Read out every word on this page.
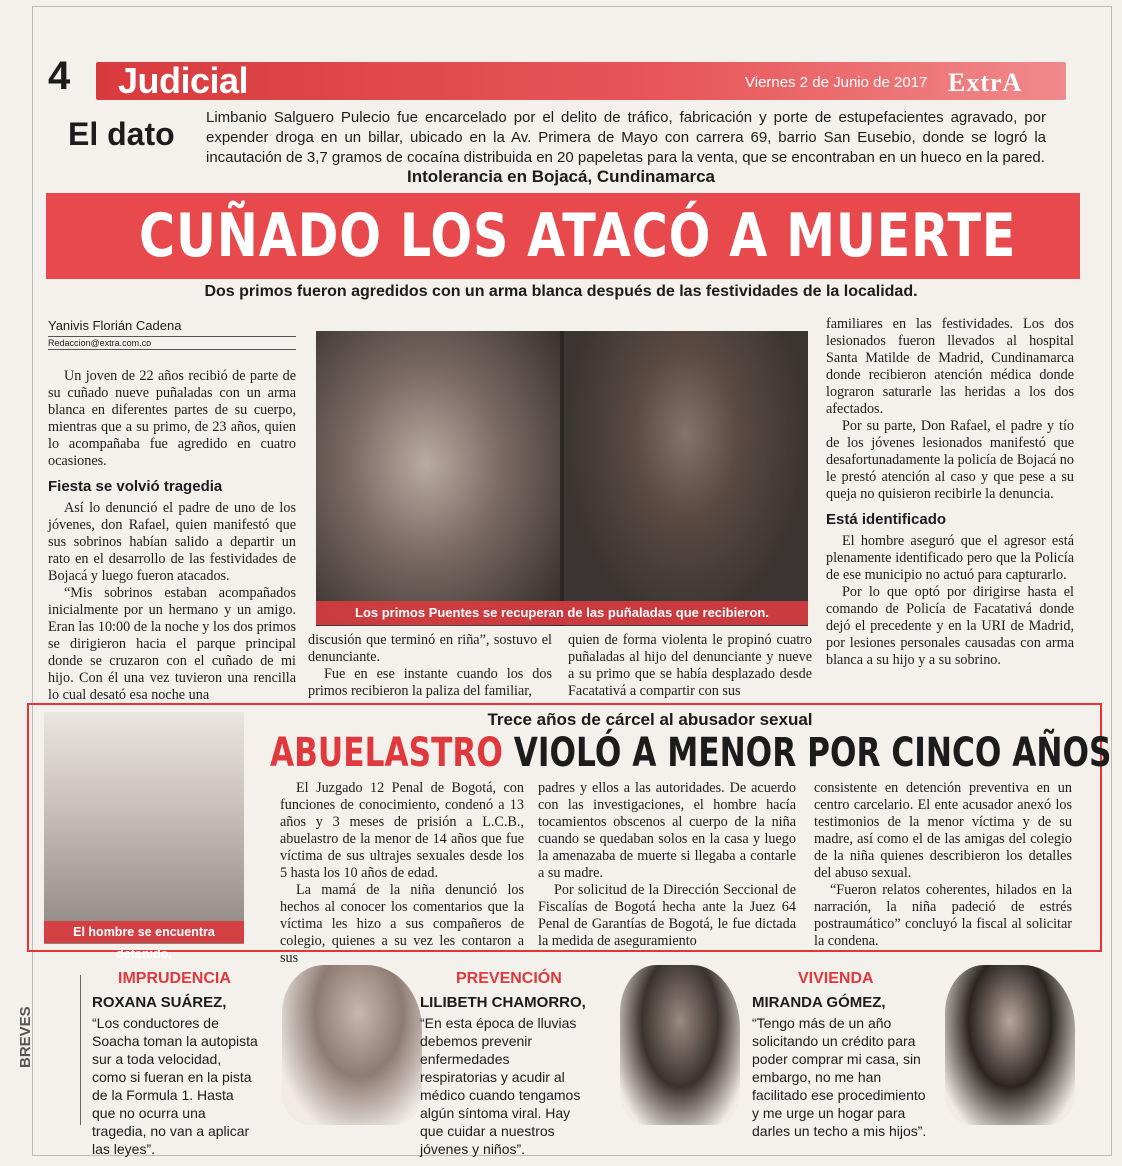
4 Judicial	Viernes 2 de Junio de 2017 ExtrA
El dato Limbanio Salguero Pulecio fue encarcelado por el delito de tráfico, fabricación y porte de estupefacientes agravado, por expender droga en un billar, ubicado en la Av. Primera de Mayo con carrera 69, barrio San Eusebio, donde se logró la incautación de 3,7 gramos de cocaína distribuida en 20 papeletas para la venta, que se encontraban en un hueco en la pared.
Intolerancia en Bojacá, Cundinamarca
CUÑADO LOS ATACÓ A MUERTE
Dos primos fueron agredidos con un arma blanca después de las festividades de la localidad.
Yanivis Florián Cadena
Redaccion@extra.com.co

Un joven de 22 años recibió de parte de su cuñado nueve puñaladas con un arma blanca en diferentes partes de su cuerpo, mientras que a su primo, de 23 años, quien lo acompañaba fue agredido en cuatro ocasiones.

Fiesta se volvió tragedia

Así lo denunció el padre de uno de los jóvenes, don Rafael, quien manifestó que sus sobrinos habían salido a departir un rato en el desarrollo de las festividades de Bojacá y luego fueron atacados.

“Mis sobrinos estaban acompañados inicialmente por un hermano y un amigo. Eran las 10:00 de la noche y los dos primos se dirigieron hacia el parque principal donde se cruzaron con el cuñado de mi hijo. Con él una vez tuvieron una rencilla lo cual desató esa noche una

Los primos Puentes se recuperan de las puñaladas que recibieron.

discusión que terminó en riña”, sostuvo el denunciante.

Fue en ese instante cuando los dos primos recibieron la paliza del familiar,

quien de forma violenta le propinó cuatro puñaladas al hijo del denunciante y nueve a su primo que se había desplazado desde Facatativá a compartir con sus

familiares en las festividades. Los dos lesionados fueron llevados al hospital Santa Matilde de Madrid, Cundinamarca donde recibieron atención médica donde lograron saturarle las heridas a los dos afectados.

Por su parte, Don Rafael, el padre y tío de los jóvenes lesionados manifestó que desafortunadamente la policía de Bojacá no le prestó atención al caso y que pese a su queja no quisieron recibirle la denuncia.

Está identificado

El hombre aseguró que el agresor está plenamente identificado pero que la Policía de ese municipio no actuó para capturarlo.

Por lo que optó por dirigirse hasta el comando de Policía de Facatativá donde dejó el precedente y en la URI de Madrid, por lesiones personales causadas con arma blanca a su hijo y a su sobrino.

El hombre se encuentra detenido.
Trece años de cárcel al abusador sexual
ABUELASTRO VIOLÓ A MENOR POR CINCO AÑOS

El Juzgado 12 Penal de Bogotá, con funciones de conocimiento, condenó a 13 años y 3 meses de prisión a L.C.B., abuelastro de la menor de 14 años que fue víctima de sus ultrajes sexuales desde los 5 hasta los 10 años de edad.

La mamá de la niña denunció los hechos al conocer los comentarios que la víctima les hizo a sus compañeros de colegio, quienes a su vez les contaron a sus

padres y ellos a las autoridades. De acuerdo con las investigaciones, el hombre hacía tocamientos obscenos al cuerpo de la niña cuando se quedaban solos en la casa y luego la amenazaba de muerte si llegaba a contarle a su madre.

Por solicitud de la Dirección Seccional de Fiscalías de Bogotá hecha ante la Juez 64 Penal de Garantías de Bogotá, le fue dictada la medida de aseguramiento

consistente en detención preventiva en un centro carcelario. El ente acusador anexó los testimonios de la menor víctima y de su madre, así como el de las amigas del colegio de la niña quienes describieron los detalles del abuso sexual.

“Fueron relatos coherentes, hilados en la narración, la niña padeció de estrés postraumático” concluyó la fiscal al solicitar la condena.

BREVES
IMPRUDENCIA
ROXANA SUÁREZ,
“Los conductores de Soacha toman la autopista sur a toda velocidad, como si fueran en la pista de la Formula 1. Hasta que no ocurra una tragedia, no van a aplicar las leyes”.
PREVENCIÓN
LILIBETH CHAMORRO,
“En esta época de lluvias debemos prevenir enfermedades respiratorias y acudir al médico cuando tengamos algún síntoma viral. Hay que cuidar a nuestros jóvenes y niños”.
VIVIENDA
MIRANDA GÓMEZ,
“Tengo más de un año solicitando un crédito para poder comprar mi casa, sin embargo, no me han facilitado ese procedimiento y me urge un hogar para darles un techo a mis hijos”.
